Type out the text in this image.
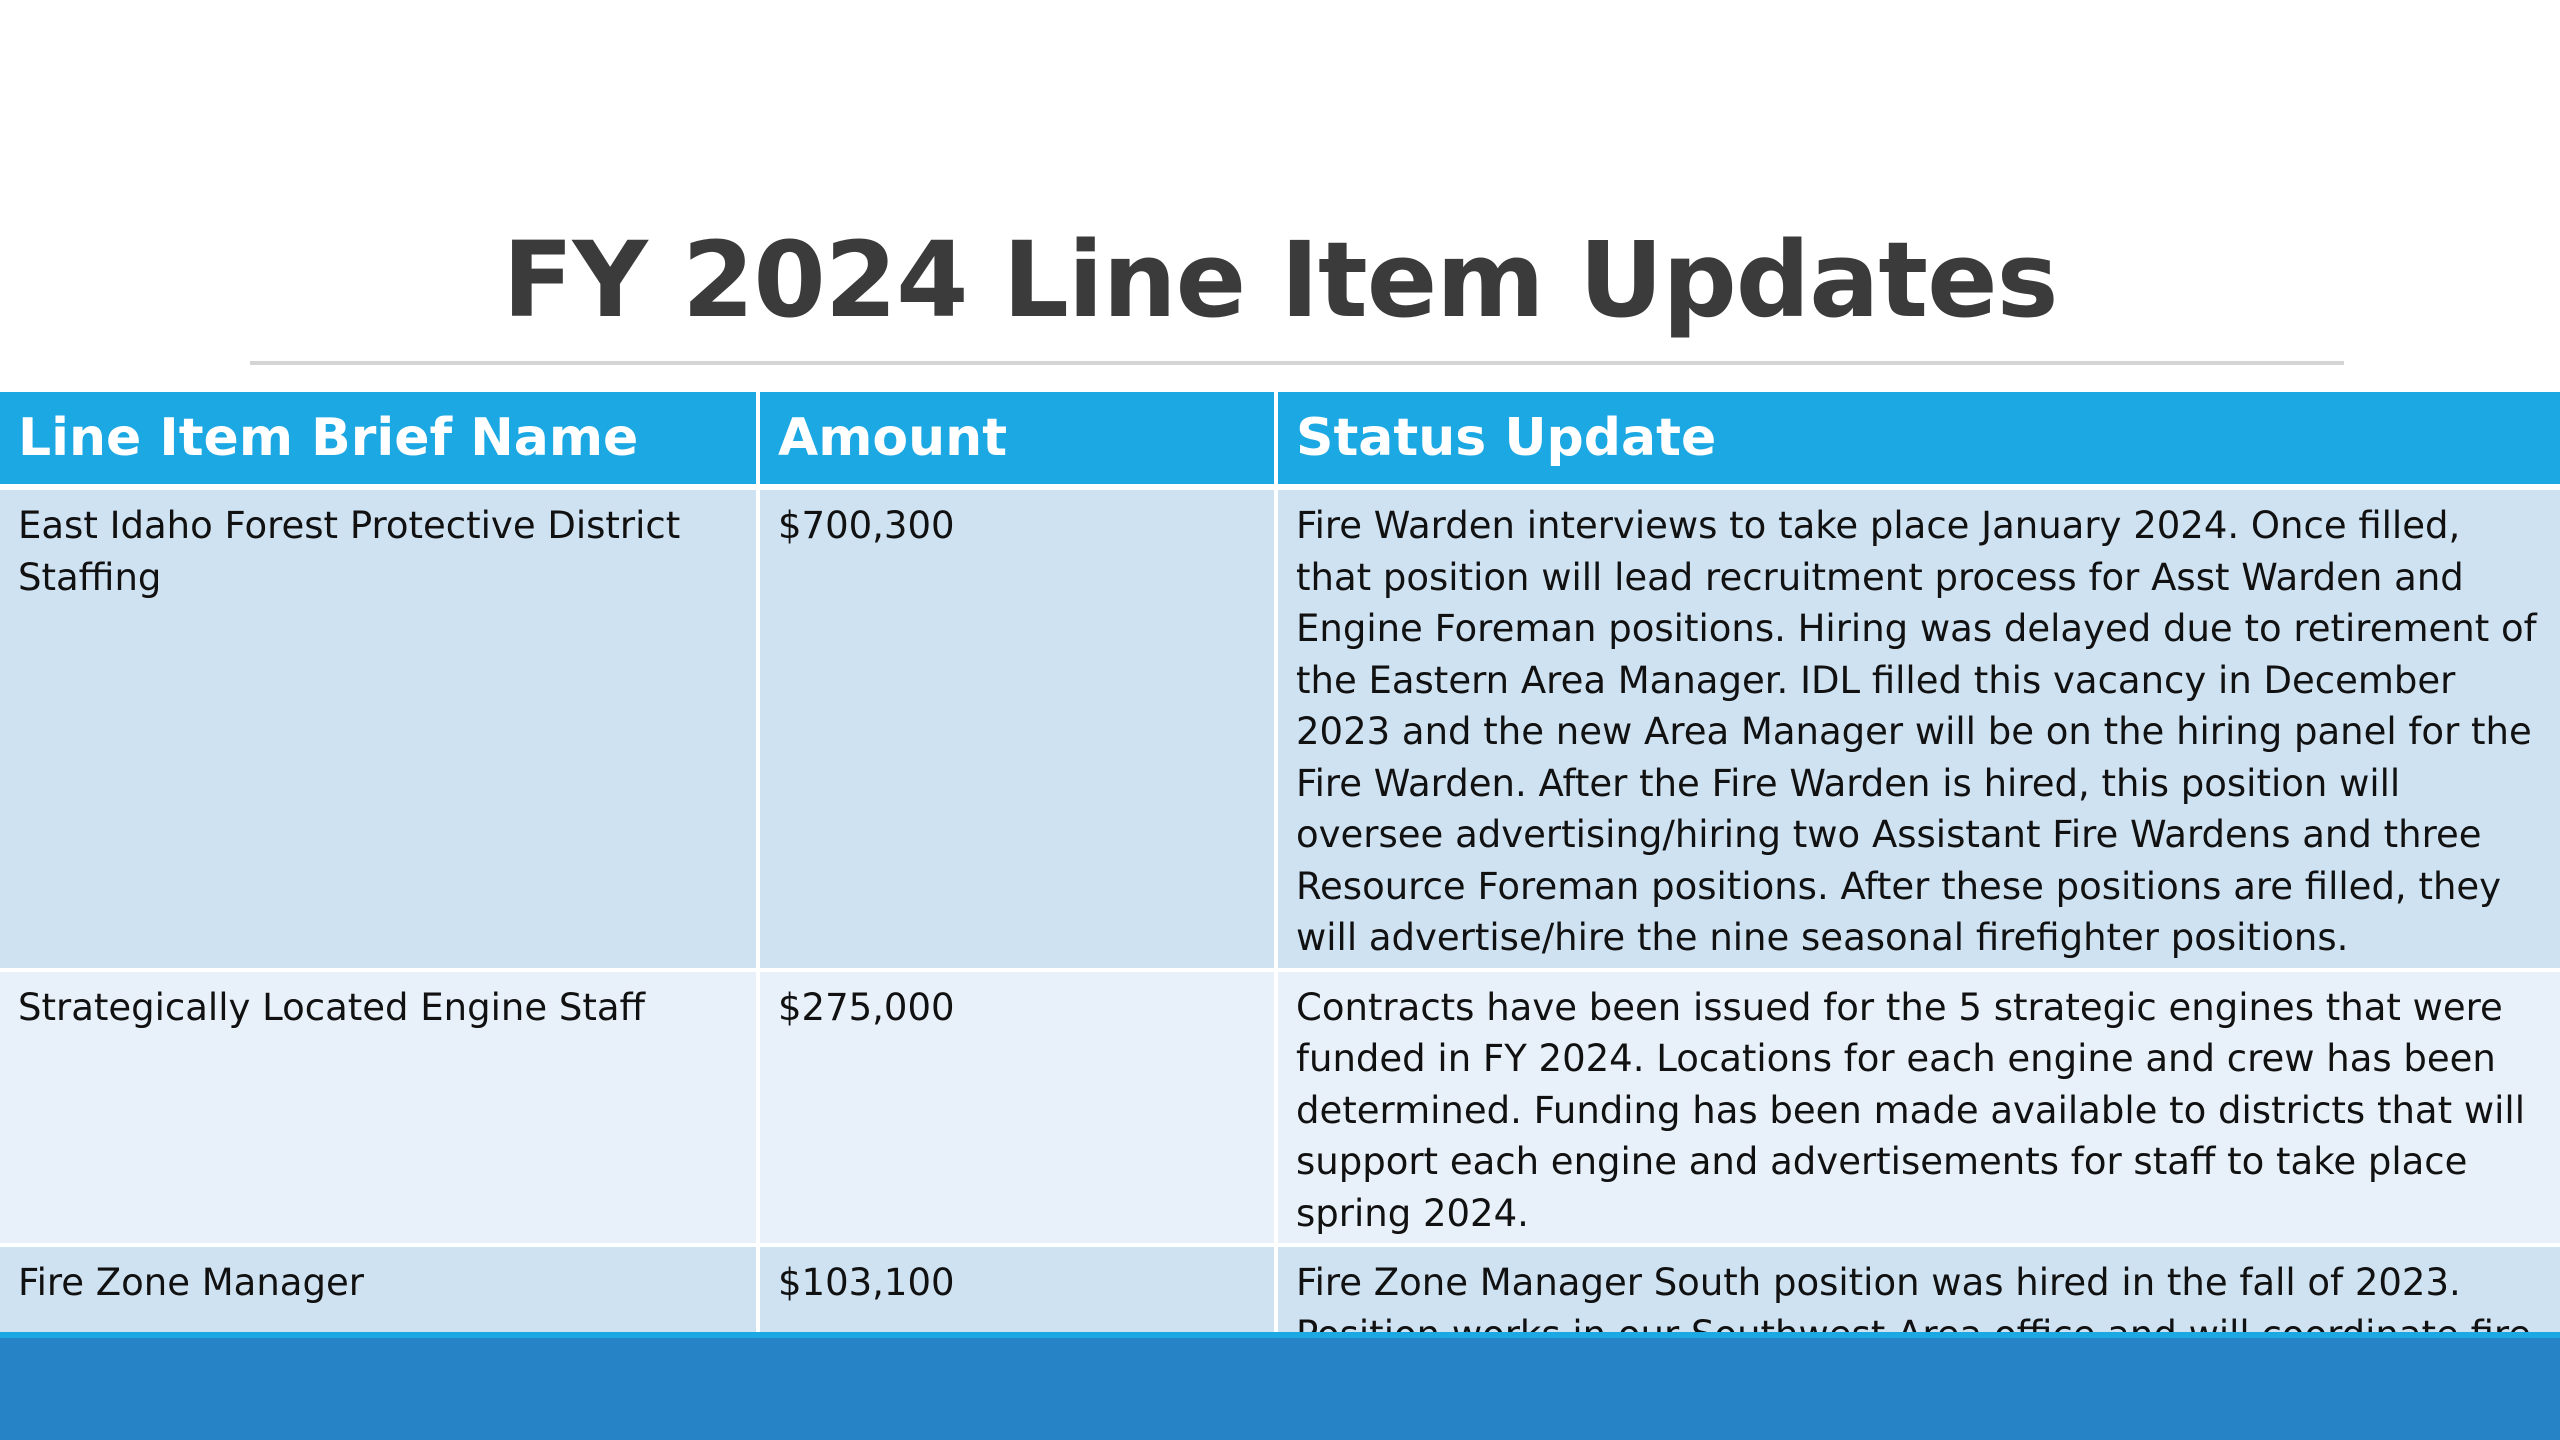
FY 2024 Line Item Updates
Line Item Brief Name	Amount	Status Update
East Idaho Forest Protective District Staffing	$700,300	Fire Warden interviews to take place January 2024. Once filled, that position will lead recruitment process for Asst Warden and Engine Foreman positions. Hiring was delayed due to retirement of the Eastern Area Manager. IDL filled this vacancy in December 2023 and the new Area Manager will be on the hiring panel for the Fire Warden. After the Fire Warden is hired, this position will oversee advertising/hiring two Assistant Fire Wardens and three Resource Foreman positions. After these positions are filled, they will advertise/hire the nine seasonal firefighter positions.
Strategically Located Engine Staff	$275,000	Contracts have been issued for the 5 strategic engines that were funded in FY 2024. Locations for each engine and crew has been determined. Funding has been made available to districts that will support each engine and advertisements for staff to take place spring 2024.
Fire Zone Manager	$103,100	Fire Zone Manager South position was hired in the fall of 2023.
